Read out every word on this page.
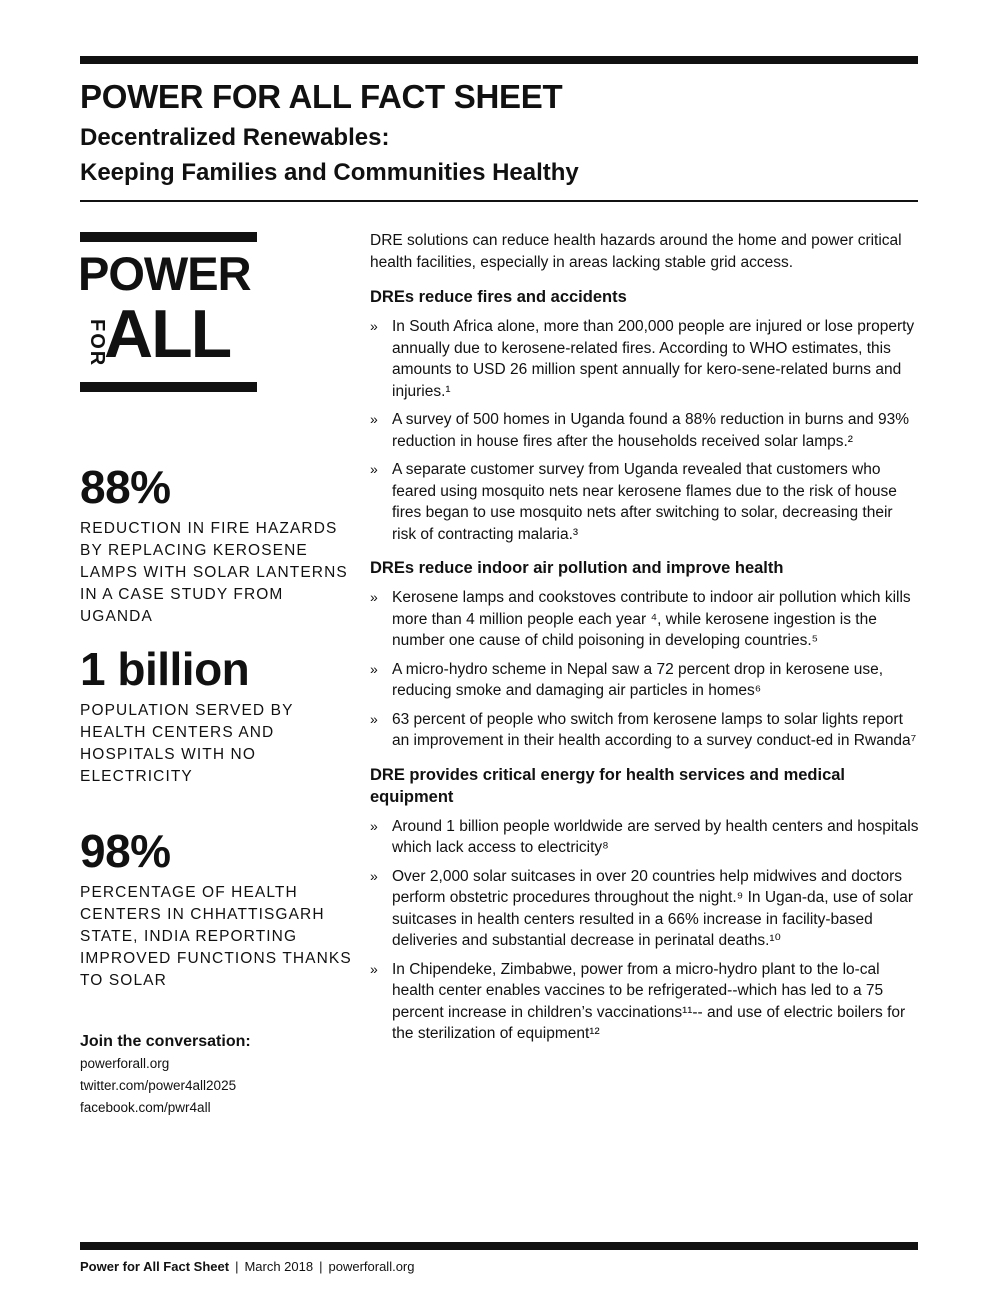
POWER FOR ALL FACT SHEET
Decentralized Renewables:
Keeping Families and Communities Healthy
POWER
FOR
ALL
88%
REDUCTION IN FIRE HAZARDS BY REPLACING KEROSENE LAMPS WITH SOLAR LANTERNS IN A CASE STUDY FROM UGANDA
1 billion
POPULATION SERVED BY HEALTH CENTERS AND HOSPITALS WITH NO ELECTRICITY
98%
PERCENTAGE OF HEALTH CENTERS IN CHHATTISGARH STATE, INDIA REPORTING IMPROVED FUNCTIONS THANKS TO SOLAR
Join the conversation:
powerforall.org
twitter.com/power4all2025
facebook.com/pwr4all

DRE solutions can reduce health hazards around the home and power critical health facilities, especially in areas lacking stable grid access.

DREs reduce fires and accidents
» In South Africa alone, more than 200,000 people are injured or lose property annually due to kerosene-related fires. According to WHO estimates, this amounts to USD 26 million spent annually for kero-sene-related burns and injuries.¹
» A survey of 500 homes in Uganda found a 88% reduction in burns and 93% reduction in house fires after the households received solar lamps.²
» A separate customer survey from Uganda revealed that customers who feared using mosquito nets near kerosene flames due to the risk of house fires began to use mosquito nets after switching to solar, decreasing their risk of contracting malaria.³
DREs reduce indoor air pollution and improve health
» Kerosene lamps and cookstoves contribute to indoor air pollution which kills more than 4 million people each year ⁴, while kerosene ingestion is the number one cause of child poisoning in developing countries.⁵
» A micro-hydro scheme in Nepal saw a 72 percent drop in kerosene use, reducing smoke and damaging air particles in homes⁶
» 63 percent of people who switch from kerosene lamps to solar lights report an improvement in their health according to a survey conduct-ed in Rwanda⁷
DRE provides critical energy for health services and medical equipment
» Around 1 billion people worldwide are served by health centers and hospitals which lack access to electricity⁸
» Over 2,000 solar suitcases in over 20 countries help midwives and doctors perform obstetric procedures throughout the night.⁹ In Ugan-da, use of solar suitcases in health centers resulted in a 66% increase in facility-based deliveries and substantial decrease in perinatal deaths.¹⁰
» In Chipendeke, Zimbabwe, power from a micro-hydro plant to the lo-cal health center enables vaccines to be refrigerated--which has led to a 75 percent increase in children’s vaccinations¹¹-- and use of electric boilers for the sterilization of equipment¹²
Power for All Fact Sheet | March 2018 | powerforall.org
